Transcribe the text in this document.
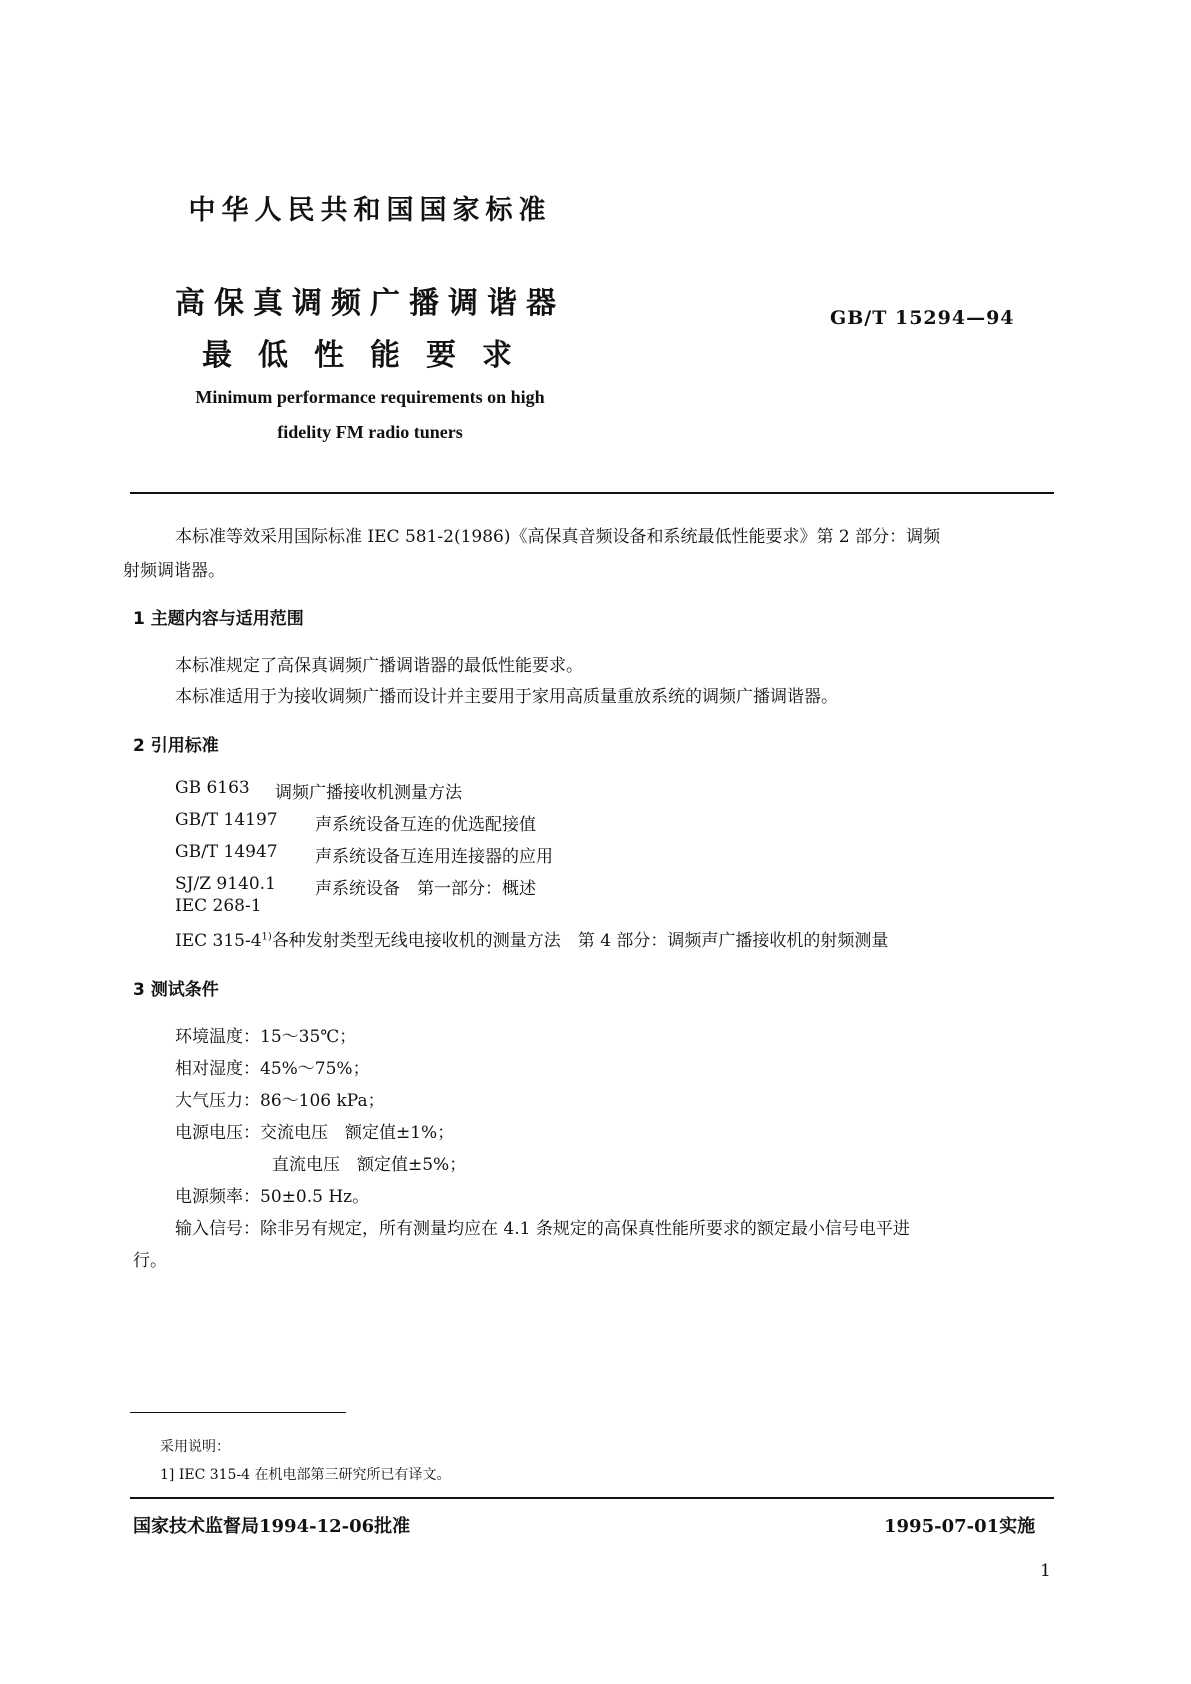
中华人民共和国国家标准
高保真调频广播调谐器
最低性能要求
GB/T 15294—94
Minimum performance requirements on high
fidelity FM radio tuners
本标准等效采用国际标准 IEC 581-2(1986)《高保真音频设备和系统最低性能要求》第 2 部分：调频
射频调谐器。
1 主题内容与适用范围
本标准规定了高保真调频广播调谐器的最低性能要求。
本标准适用于为接收调频广播而设计并主要用于家用高质量重放系统的调频广播调谐器。
2 引用标准
GB 6163 调频广播接收机测量方法
GB/T 14197 声系统设备互连的优选配接值
GB/T 14947 声系统设备互连用连接器的应用
SJ/Z 9140.1 声系统设备　第一部分：概述
IEC 268-1
IEC 315-4$^{1)}$各种发射类型无线电接收机的测量方法　第 4 部分：调频声广播接收机的射频测量
3 测试条件
环境温度：15～35℃；
相对湿度：45%～75%；
大气压力：86～106 kPa；
电源电压：交流电压　额定值±1%；
直流电压　额定值±5%；
电源频率：50±0.5 Hz。
输入信号：除非另有规定，所有测量均应在 4.1 条规定的高保真性能所要求的额定最小信号电平进
行。
采用说明：
1] IEC 315-4 在机电部第三研究所已有译文。
国家技术监督局1994-12-06批准	1995-07-01实施
1
